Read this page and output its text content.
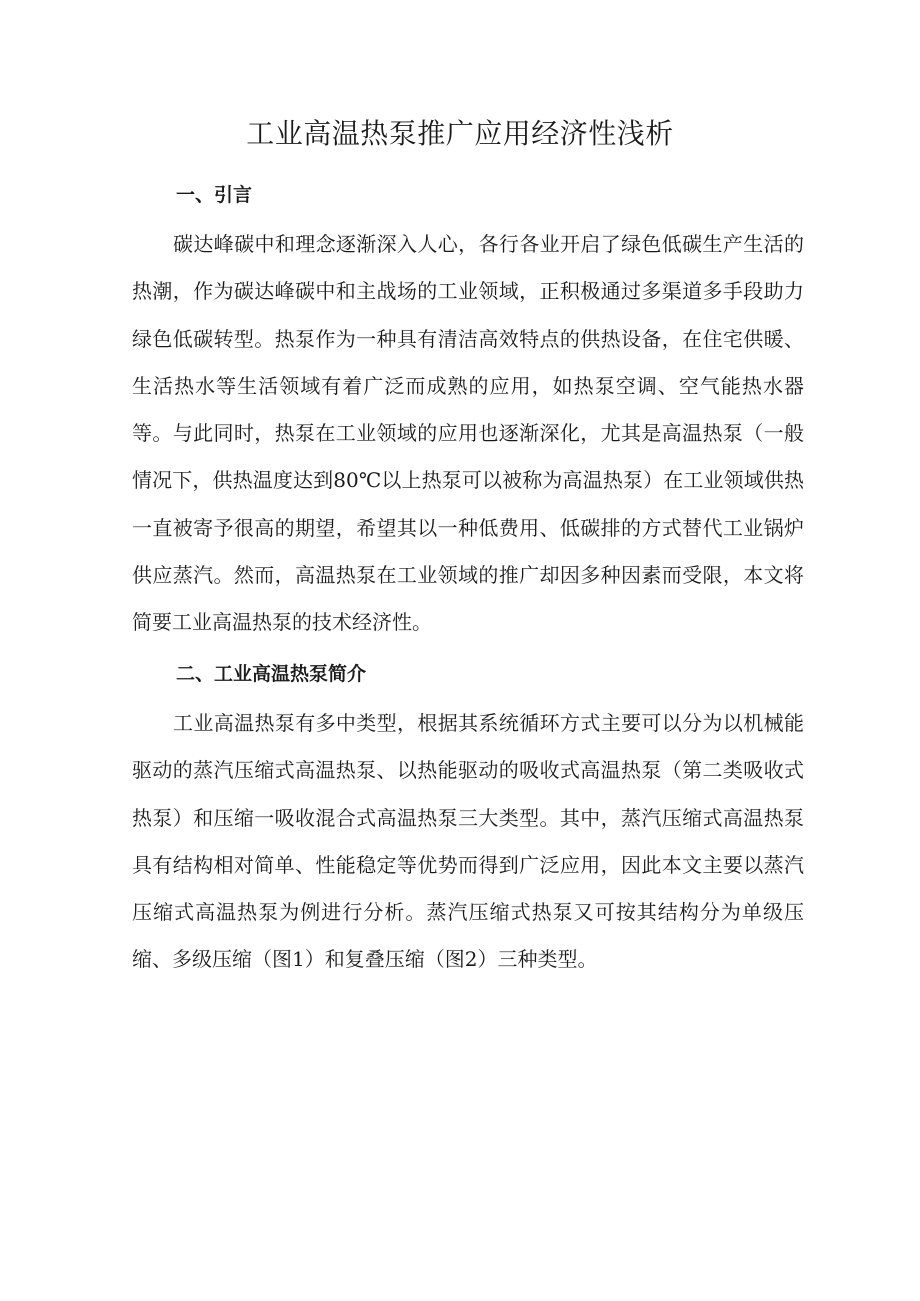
工业高温热泵推广应用经济性浅析
一、引言

碳达峰碳中和理念逐渐深入人心，各行各业开启了绿色低碳生产生活的热潮，作为碳达峰碳中和主战场的工业领域，正积极通过多渠道多手段助力绿色低碳转型。热泵作为一种具有清洁高效特点的供热设备，在住宅供暖、生活热水等生活领域有着广泛而成熟的应用，如热泵空调、空气能热水器等。与此同时，热泵在工业领域的应用也逐渐深化，尤其是高温热泵（一般情况下，供热温度达到80℃以上热泵可以被称为高温热泵）在工业领域供热一直被寄予很高的期望，希望其以一种低费用、低碳排的方式替代工业锅炉供应蒸汽。然而，高温热泵在工业领域的推广却因多种因素而受限，本文将简要工业高温热泵的技术经济性。

二、工业高温热泵简介

工业高温热泵有多中类型，根据其系统循环方式主要可以分为以机械能驱动的蒸汽压缩式高温热泵、以热能驱动的吸收式高温热泵（第二类吸收式热泵）和压缩一吸收混合式高温热泵三大类型。其中，蒸汽压缩式高温热泵具有结构相对简单、性能稳定等优势而得到广泛应用，因此本文主要以蒸汽压缩式高温热泵为例进行分析。蒸汽压缩式热泵又可按其结构分为单级压缩、多级压缩（图1）和复叠压缩（图2）三种类型。
